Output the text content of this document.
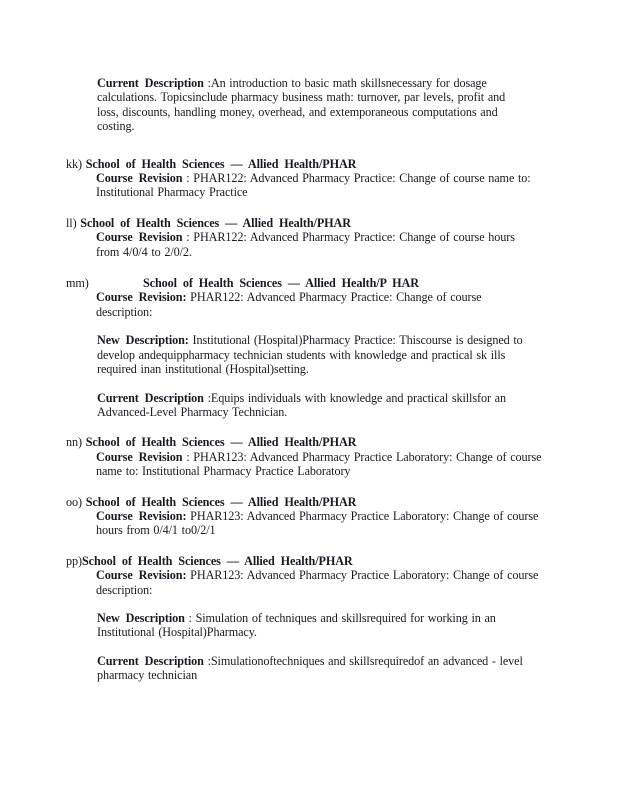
Current Description :An introduction to basic math skillsnecessary for dosage
calculations. Topicsinclude pharmacy business math: turnover, par levels, profit and
loss, discounts, handling money, overhead, and extemporaneous computations and
costing.
kk) School of Health Sciences — Allied Health/PHAR
Course Revision : PHAR122: Advanced Pharmacy Practice: Change of course name to:
Institutional Pharmacy Practice
ll) School of Health Sciences — Allied Health/PHAR
Course Revision : PHAR122: Advanced Pharmacy Practice: Change of course hours
from 4/0/4 to 2/0/2.
mm)	School of Health Sciences — Allied Health/P HAR
Course Revision: PHAR122: Advanced Pharmacy Practice: Change of course
description:
New Description: Institutional (Hospital)Pharmacy Practice: Thiscourse is designed to
develop andequippharmacy technician students with knowledge and practical sk ills
required inan institutional (Hospital)setting.
Current Description :Equips individuals with knowledge and practical skillsfor an
Advanced-Level Pharmacy Technician.
nn) School of Health Sciences — Allied Health/PHAR
Course Revision : PHAR123: Advanced Pharmacy Practice Laboratory: Change of course
name to: Institutional Pharmacy Practice Laboratory
oo) School of Health Sciences — Allied Health/PHAR
Course Revision: PHAR123: Advanced Pharmacy Practice Laboratory: Change of course
hours from 0/4/1 to0/2/1
pp)School of Health Sciences — Allied Health/PHAR
Course Revision: PHAR123: Advanced Pharmacy Practice Laboratory: Change of course
description:
New Description : Simulation of techniques and skillsrequired for working in an
Institutional (Hospital)Pharmacy.
Current Description :Simulationoftechniques and skillsrequiredof an advanced - level
pharmacy technician
